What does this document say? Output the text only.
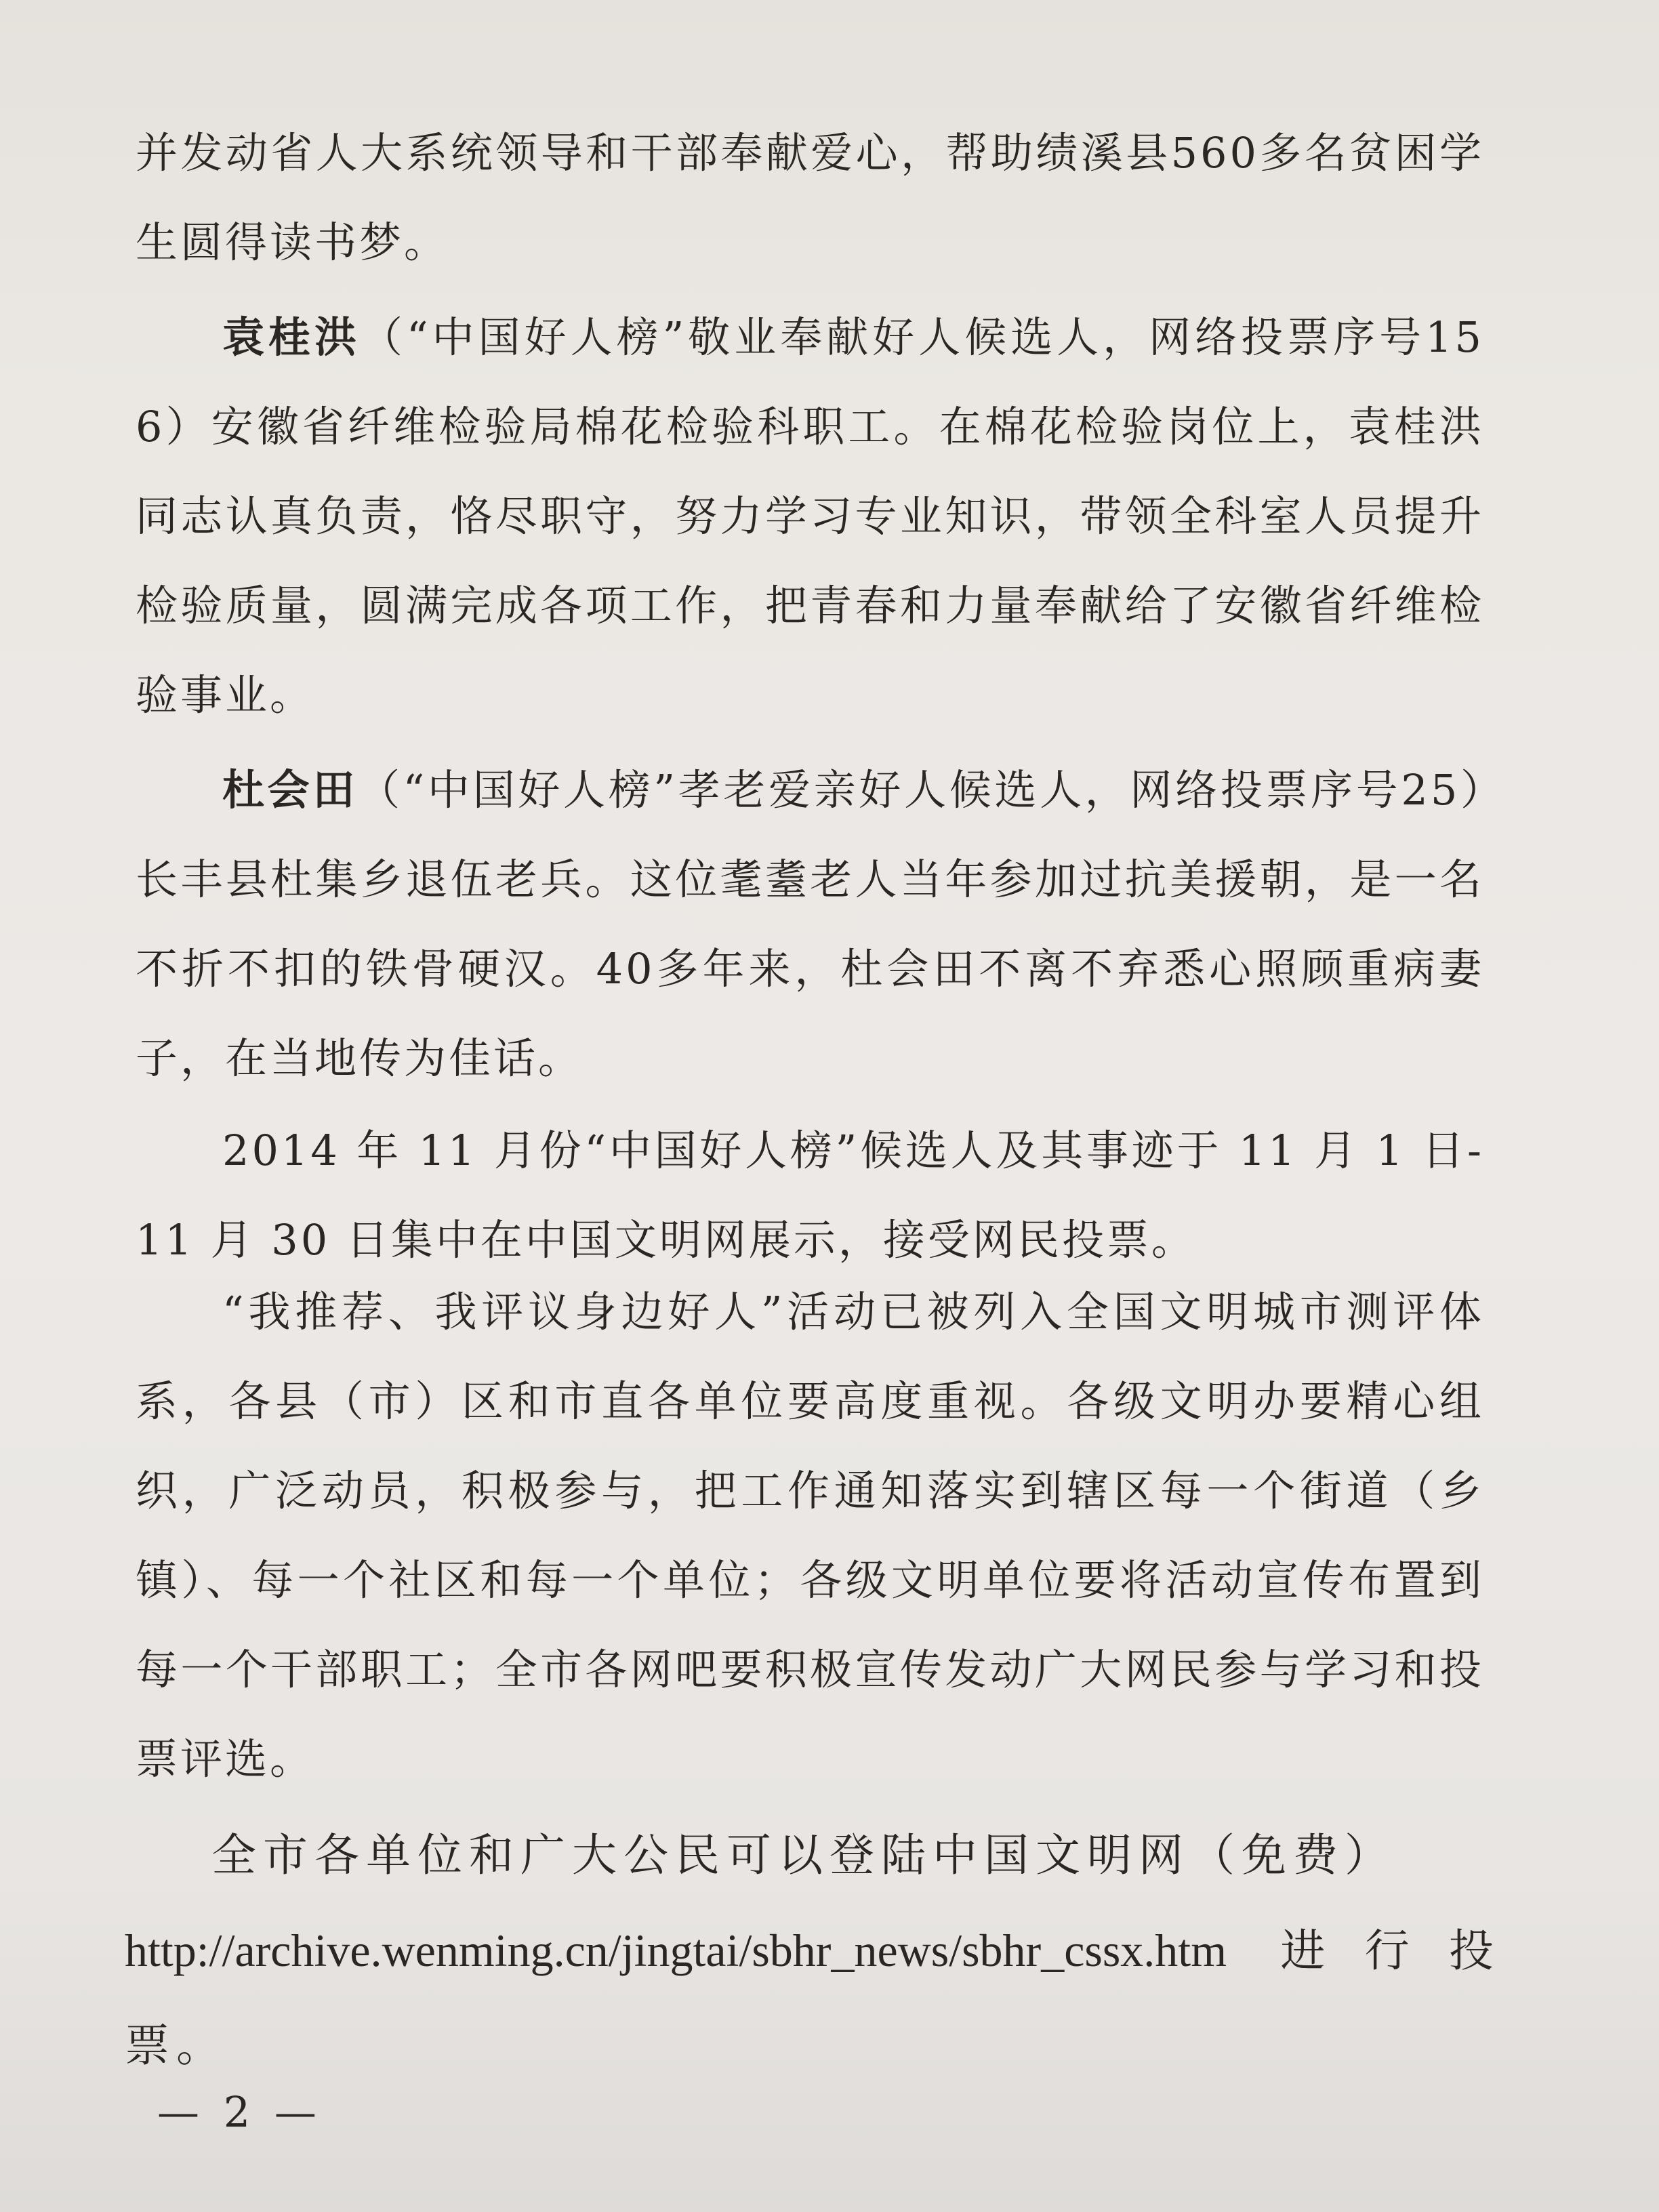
并发动省人大系统领导和干部奉献爱心，帮助绩溪县560多名贫困学生圆得读书梦。

袁桂洪（“中国好人榜”敬业奉献好人候选人，网络投票序号156）安徽省纤维检验局棉花检验科职工。在棉花检验岗位上，袁桂洪同志认真负责，恪尽职守，努力学习专业知识，带领全科室人员提升检验质量，圆满完成各项工作，把青春和力量奉献给了安徽省纤维检验事业。

杜会田（“中国好人榜”孝老爱亲好人候选人，网络投票序号25）长丰县杜集乡退伍老兵。这位耄耋老人当年参加过抗美援朝，是一名不折不扣的铁骨硬汉。40多年来，杜会田不离不弃悉心照顾重病妻子，在当地传为佳话。

2014 年 11 月份“中国好人榜”候选人及其事迹于 11 月 1 日-11 月 30 日集中在中国文明网展示，接受网民投票。

“我推荐、我评议身边好人”活动已被列入全国文明城市测评体系，各县（市）区和市直各单位要高度重视。各级文明办要精心组织，广泛动员，积极参与，把工作通知落实到辖区每一个街道（乡镇）、每一个社区和每一个单位；各级文明单位要将活动宣传布置到每一个干部职工；全市各网吧要积极宣传发动广大网民参与学习和投票评选。

全市各单位和广大公民可以登陆中国文明网（免费）
http://archive.wenming.cn/jingtai/sbhr_news/sbhr_cssx.htm 进行投票。

— 2 —
